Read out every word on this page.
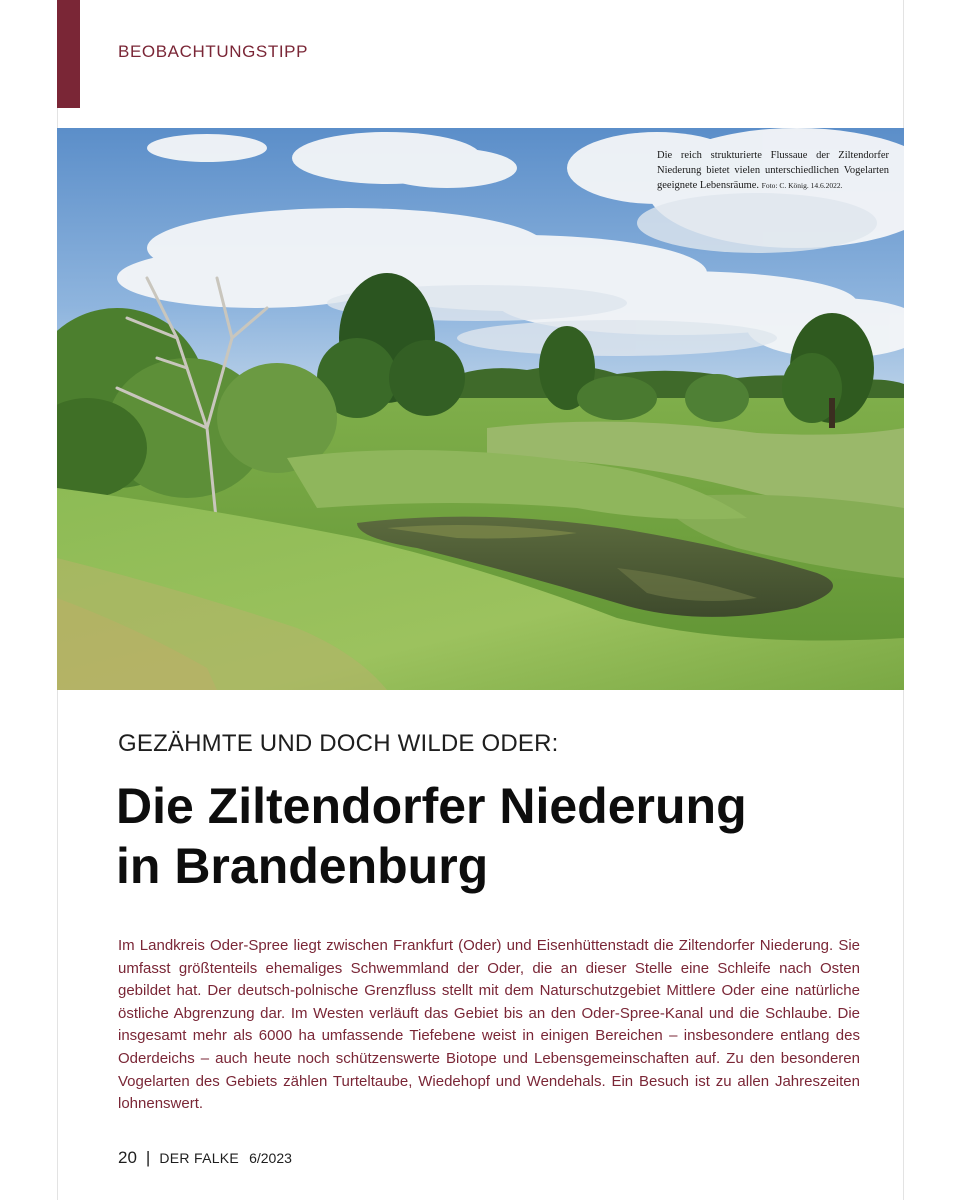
BEOBACHTUNGSTIPP
Die reich strukturierte Flussaue der Ziltendorfer Niederung bietet vielen unterschiedlichen Vogelarten geeignete Lebensräume. Foto: C. König. 14.6.2022.
GEZÄHMTE UND DOCH WILDE ODER:
Die Ziltendorfer Niederung
in Brandenburg

Im Landkreis Oder-Spree liegt zwischen Frankfurt (Oder) und Eisenhüttenstadt die Ziltendorfer Niederung. Sie umfasst größtenteils ehemaliges Schwemmland der Oder, die an dieser Stelle eine Schleife nach Osten gebildet hat. Der deutsch-polnische Grenzfluss stellt mit dem Naturschutzgebiet Mittlere Oder eine natürliche östliche Abgrenzung dar. Im Westen verläuft das Gebiet bis an den Oder-Spree-Kanal und die Schlaube. Die insgesamt mehr als 6000 ha umfassende Tiefebene weist in einigen Bereichen – insbesondere entlang des Oderdeichs – auch heute noch schützenswerte Biotope und Lebensgemeinschaften auf. Zu den besonderen Vogelarten des Gebiets zählen Turteltaube, Wiedehopf und Wendehals. Ein Besuch ist zu allen Jahreszeiten lohnenswert.

20 | DER FALKE 6/2023
